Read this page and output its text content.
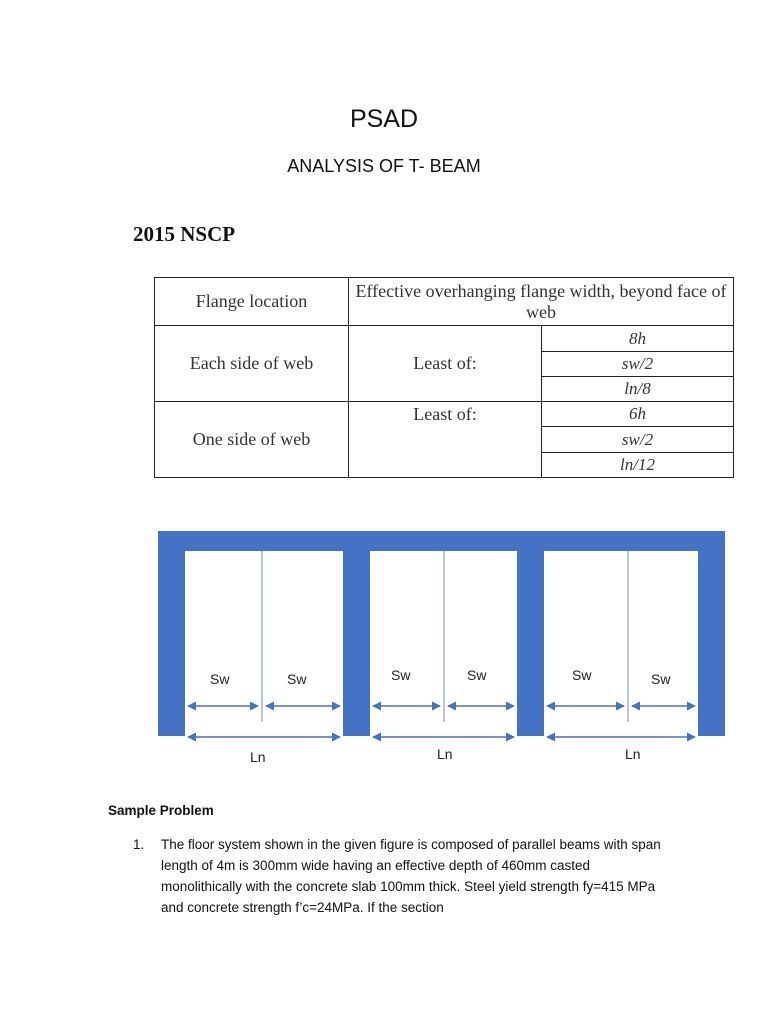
PSAD
ANALYSIS OF T- BEAM
2015 NSCP
Flange location	Effective overhanging flange width, beyond face of web	
Each side of web	Least of:	8h
		sw/2
		ln/8
One side of web	Least of:	6h
		sw/2
		ln/12
Sw	Sw	Sw	Sw	Sw	Sw
Ln	Ln	Ln
Sample Problem
1. The floor system shown in the given figure is composed of parallel beams with span length of 4m is 300mm wide having an effective depth of 460mm casted monolithically with the concrete slab 100mm thick. Steel yield strength fy=415 MPa and concrete strength f’c=24MPa. If the section
